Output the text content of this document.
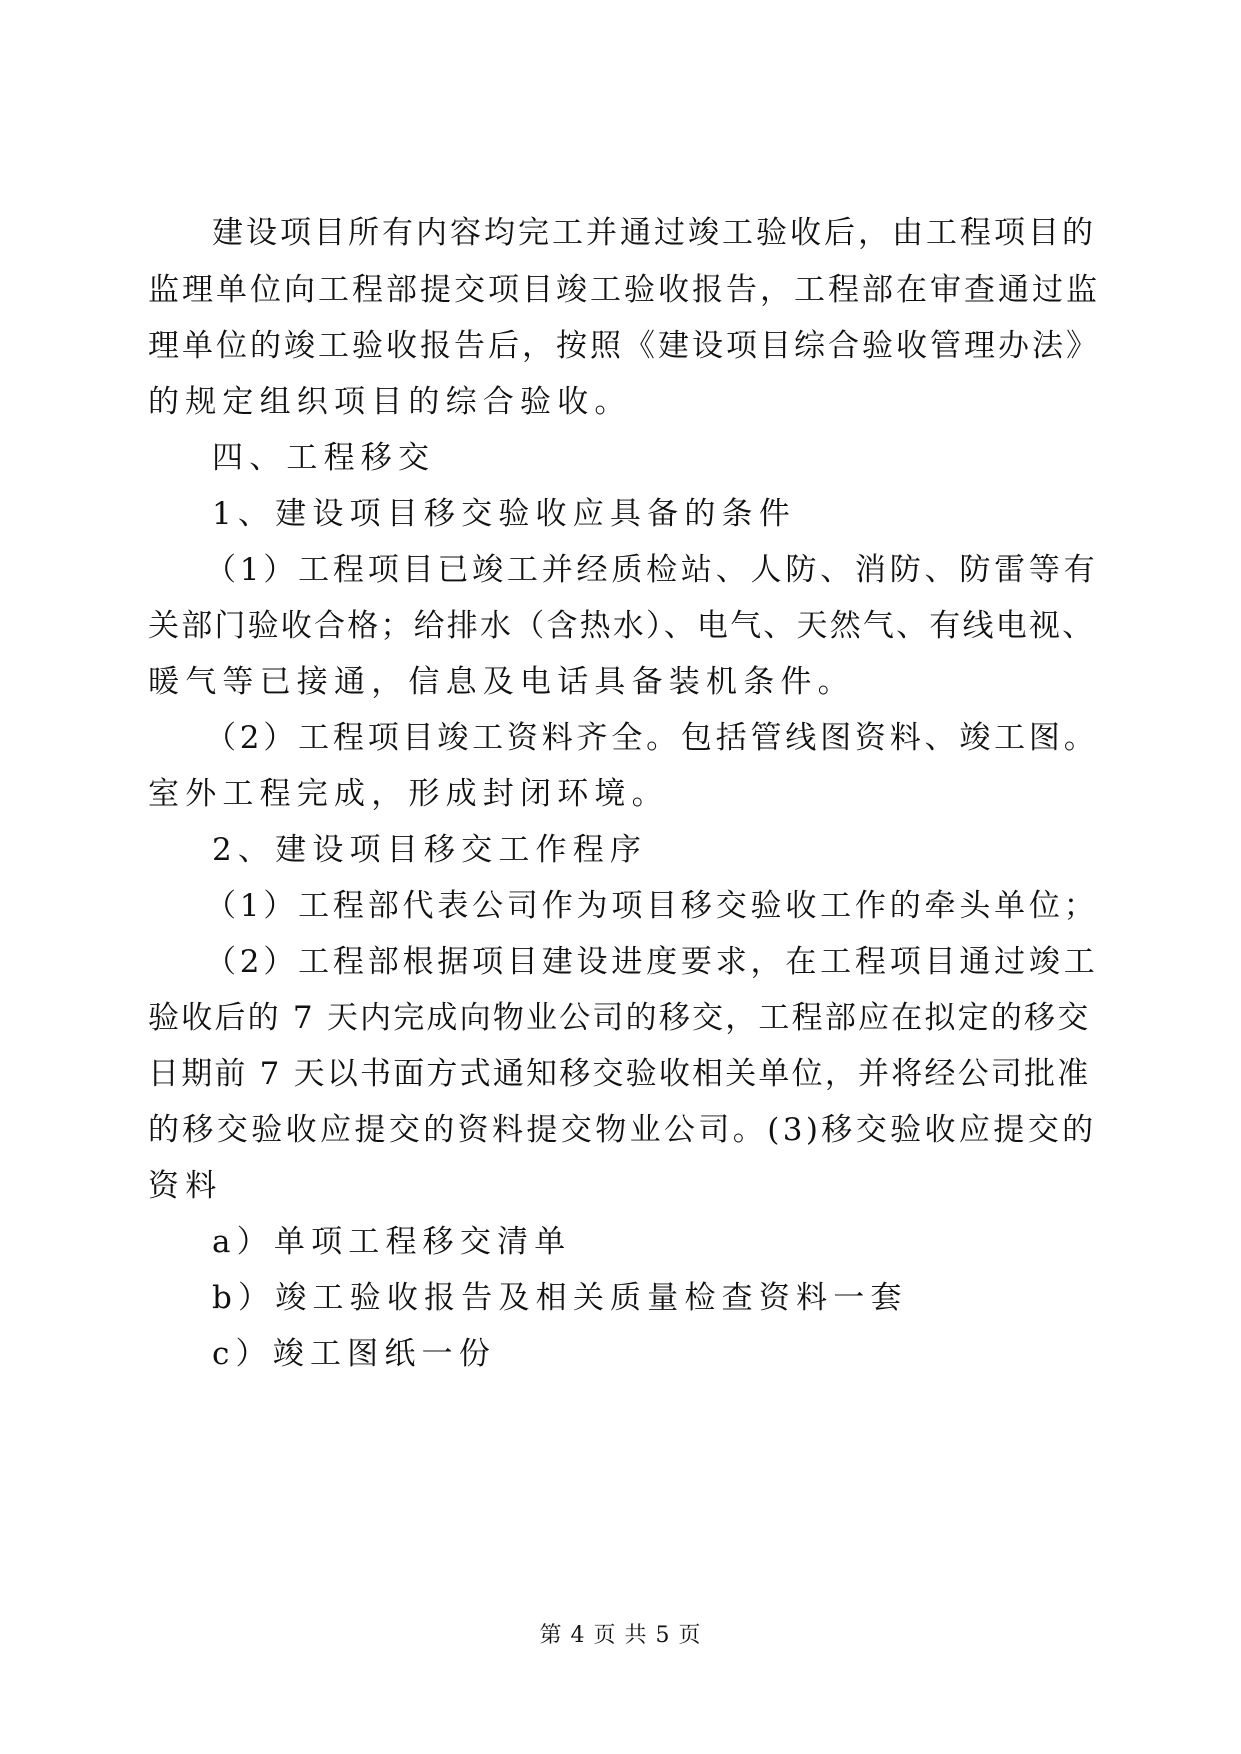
建设项目所有内容均完工并通过竣工验收后，由工程项目的
监理单位向工程部提交项目竣工验收报告，工程部在审查通过监
理单位的竣工验收报告后，按照《建设项目综合验收管理办法》
的规定组织项目的综合验收。
四、工程移交
1、建设项目移交验收应具备的条件
（1）工程项目已竣工并经质检站、人防、消防、防雷等有
关部门验收合格；给排水（含热水）、电气、天然气、有线电视、
暖气等已接通，信息及电话具备装机条件。
（2）工程项目竣工资料齐全。包括管线图资料、竣工图。
室外工程完成，形成封闭环境。
2、建设项目移交工作程序
（1）工程部代表公司作为项目移交验收工作的牵头单位；
（2）工程部根据项目建设进度要求，在工程项目通过竣工
验收后的 7 天内完成向物业公司的移交，工程部应在拟定的移交
日期前 7 天以书面方式通知移交验收相关单位，并将经公司批准
的移交验收应提交的资料提交物业公司。(3)移交验收应提交的
资料
a）单项工程移交清单
b）竣工验收报告及相关质量检查资料一套
c）竣工图纸一份
第 4 页 共 5 页
